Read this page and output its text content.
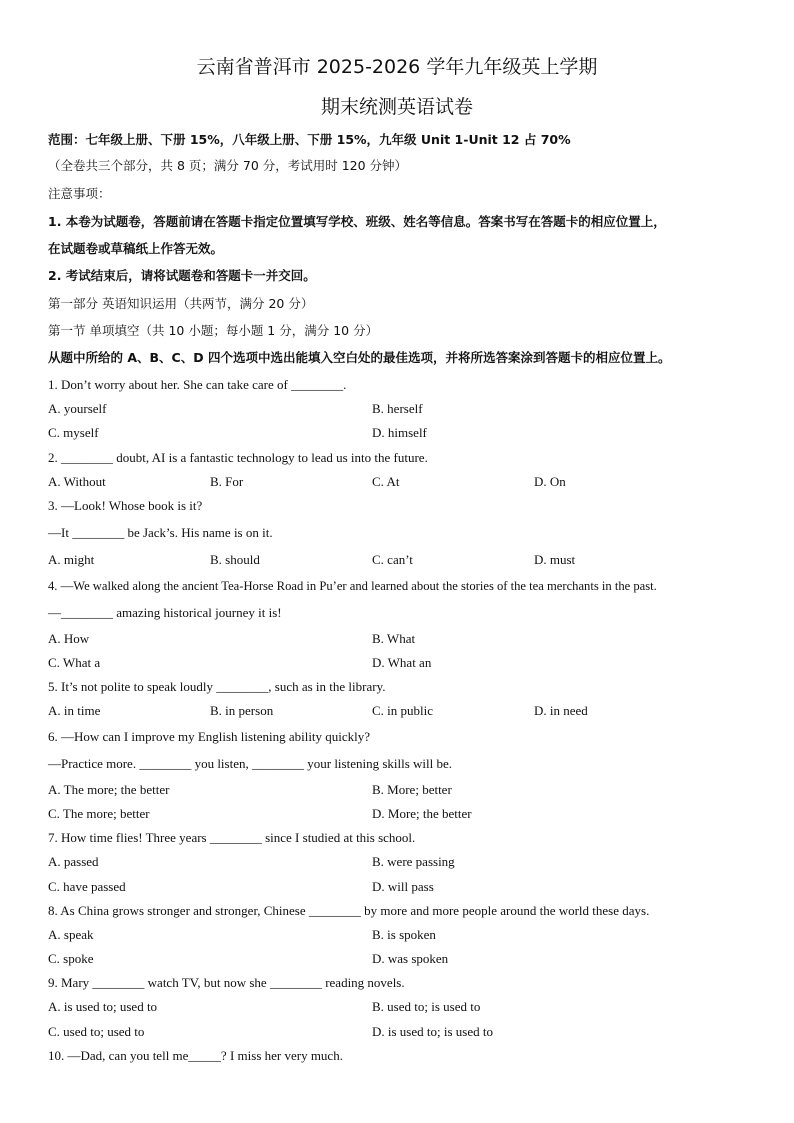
云南省普洱市 2025-2026 学年九年级英上学期
期末统测英语试卷
范围：七年级上册、下册 15%，八年级上册、下册 15%，九年级 Unit 1-Unit 12 占 70%
（全卷共三个部分，共 8 页；满分 70 分，考试用时 120 分钟）
注意事项：
1. 本卷为试题卷，答题前请在答题卡指定位置填写学校、班级、姓名等信息。答案书写在答题卡的相应位置上，
在试题卷或草稿纸上作答无效。
2. 考试结束后，请将试题卷和答题卡一并交回。
第一部分 英语知识运用（共两节，满分 20 分）
第一节 单项填空（共 10 小题；每小题 1 分，满分 10 分）
从题中所给的 A、B、C、D 四个选项中选出能填入空白处的最佳选项，并将所选答案涂到答题卡的相应位置上。
1. Don’t worry about her. She can take care of ________.
A. yourself	B. herself
C. myself	D. himself
2. ________ doubt, AI is a fantastic technology to lead us into the future.
A. Without	B. For	C. At	D. On
3. —Look! Whose book is it?
—It ________ be Jack’s. His name is on it.
A. might	B. should	C. can’t	D. must
4. —We walked along the ancient Tea-Horse Road in Pu’er and learned about the stories of the tea merchants in the past.
—________ amazing historical journey it is!
A. How	B. What
C. What a	D. What an
5. It’s not polite to speak loudly ________, such as in the library.
A. in time	B. in person	C. in public	D. in need
6. —How can I improve my English listening ability quickly?
—Practice more. ________ you listen, ________ your listening skills will be.
A. The more; the better	B. More; better
C. The more; better	D. More; the better
7. How time flies! Three years ________ since I studied at this school.
A. passed	B. were passing
C. have passed	D. will pass
8. As China grows stronger and stronger, Chinese ________ by more and more people around the world these days.
A. speak	B. is spoken
C. spoke	D. was spoken
9. Mary ________ watch TV, but now she ________ reading novels.
A. is used to; used to	B. used to; is used to
C. used to; used to	D. is used to; is used to
10. —Dad, can you tell me_____? I miss her very much.
